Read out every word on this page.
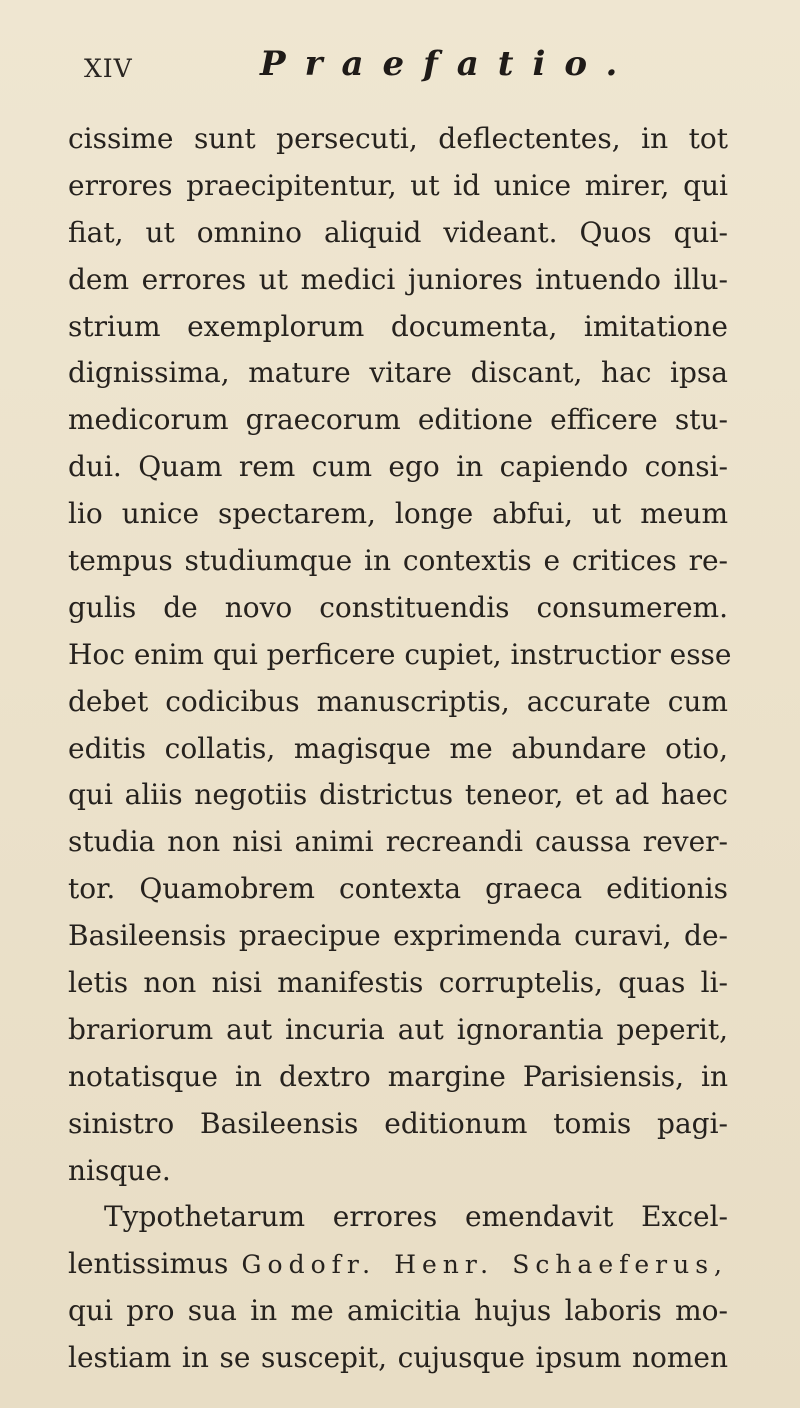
XIV	Praefatio.
cissime sunt persecuti, deflectentes, in tot
errores praecipitentur, ut id unice mirer, qui
fiat, ut omnino aliquid videant. Quos qui-
dem errores ut medici juniores intuendo illu-
strium exemplorum documenta, imitatione
dignissima, mature vitare discant, hac ipsa
medicorum graecorum editione efficere stu-
dui. Quam rem cum ego in capiendo consi-
lio unice spectarem, longe abfui, ut meum
tempus studiumque in contextis e critices re-
gulis de novo constituendis consumerem.
Hoc enim qui perficere cupiet, instructior esse
debet codicibus manuscriptis, accurate cum
editis collatis, magisque me abundare otio,
qui aliis negotiis districtus teneor, et ad haec
studia non nisi animi recreandi caussa rever-
tor. Quamobrem contexta graeca editionis
Basileensis praecipue exprimenda curavi, de-
letis non nisi manifestis corruptelis, quas li-
brariorum aut incuria aut ignorantia peperit,
notatisque in dextro margine Parisiensis, in
sinistro Basileensis editionum tomis pagi-
nisque.
Typothetarum errores emendavit Excel-
lentissimus Godofr. Henr. Schaeferus,
qui pro sua in me amicitia hujus laboris mo-
lestiam in se suscepit, cujusque ipsum nomen
